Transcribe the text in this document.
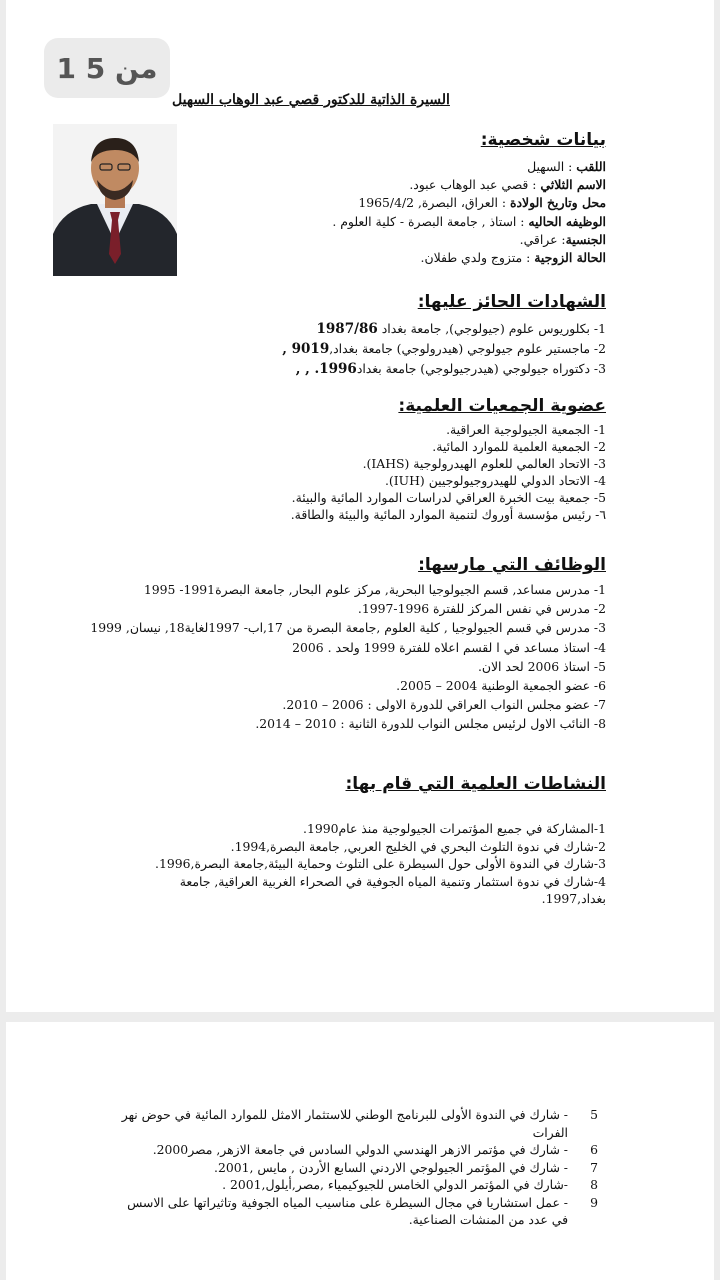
1 من 5
السيرة الذاتية للدكتور قصي عبد الوهاب السهيل
بيانات شخصية:
اللقب : السهيل
الاسم الثلاثي : قصي عبد الوهاب عبود.
محل وتاريخ الولادة : العراق، البصرة, 1965/4/2
الوظيفه الحاليه : استاذ , جامعة البصرة - كلية العلوم .
الجنسية: عراقي.
الحالة الزوجية : متزوج ولدي طفلان.
الشهادات الحائز عليها:
1- بكلوريوس علوم (جيولوجي), جامعة بغداد 1987/86
2- ماجستير علوم جيولوجي (هيدرولوجي) جامعة بغداد,9019 ,
3- دكتوراه جيولوجي (هيدرجيولوجي) جامعة بغداد1996. , ,
عضوية الجمعيات العلمية:
1- الجمعية الجيولوجية العراقية.
2- الجمعية العلمية للموارد المائية.
3- الاتحاد العالمي للعلوم الهيدرولوجية (IAHS).
4- الاتحاد الدولي للهيدروجيولوجيين (IUH).
5- جمعية بيت الخبرة العراقي لدراسات الموارد المائية والبيئة.
٦- رئيس مؤسسة أوروك لتنمية الموارد المائية والبيئة والطاقة.
الوظائف التي مارسها:
1- مدرس مساعد, قسم الجيولوجيا البحرية, مركز علوم البحار, جامعة البصرة1991- 1995
2- مدرس في نفس المركز للفترة 1996-1997.
3- مدرس في قسم الجيولوجيا , كلية العلوم ,جامعة البصرة من 17,اب- 1997لغاية18, نيسان, 1999
4- استاذ مساعد في ا لقسم اعلاه للفترة 1999 ولحد . 2006
5- استاذ 2006 لحد الان.
6- عضو الجمعية الوطنية 2004 – 2005.
7- عضو مجلس النواب العراقي للدورة الاولى : 2006 – 2010.
8- النائب الاول لرئيس مجلس النواب للدورة الثانية : 2010 – 2014.
النشاطات العلمية التي قام بها:
1-المشاركة في جميع المؤتمرات الجيولوجية منذ عام1990.
2-شارك في ندوة التلوث البحري في الخليج العربي, جامعة البصرة,1994.
3-شارك في الندوة الأولى حول السيطرة على التلوث وحماية البيئة,جامعة البصرة,1996.
4-شارك في ندوة استثمار وتنمية المياه الجوفية في الصحراء الغربية العراقية, جامعة بغداد,1997.
5
- شارك في الندوة الأولى للبرنامج الوطني للاستثمار الامثل للموارد المائية في حوض نهر الفرات
6
- شارك في مؤتمر الازهر الهندسي الدولي السادس في جامعة الازهر, مصر2000.
7
- شارك في المؤتمر الجيولوجي الاردني السابع الأردن , مايس ,2001.
8
-شارك في المؤتمر الدولي الخامس للجيوكيمياء ,مصر,أيلول,2001 .
9
- عمل استشاريا في مجال السيطرة على مناسيب المياه الجوفية وتاثيراتها على الاسس في عدد من المنشات الصناعية.
